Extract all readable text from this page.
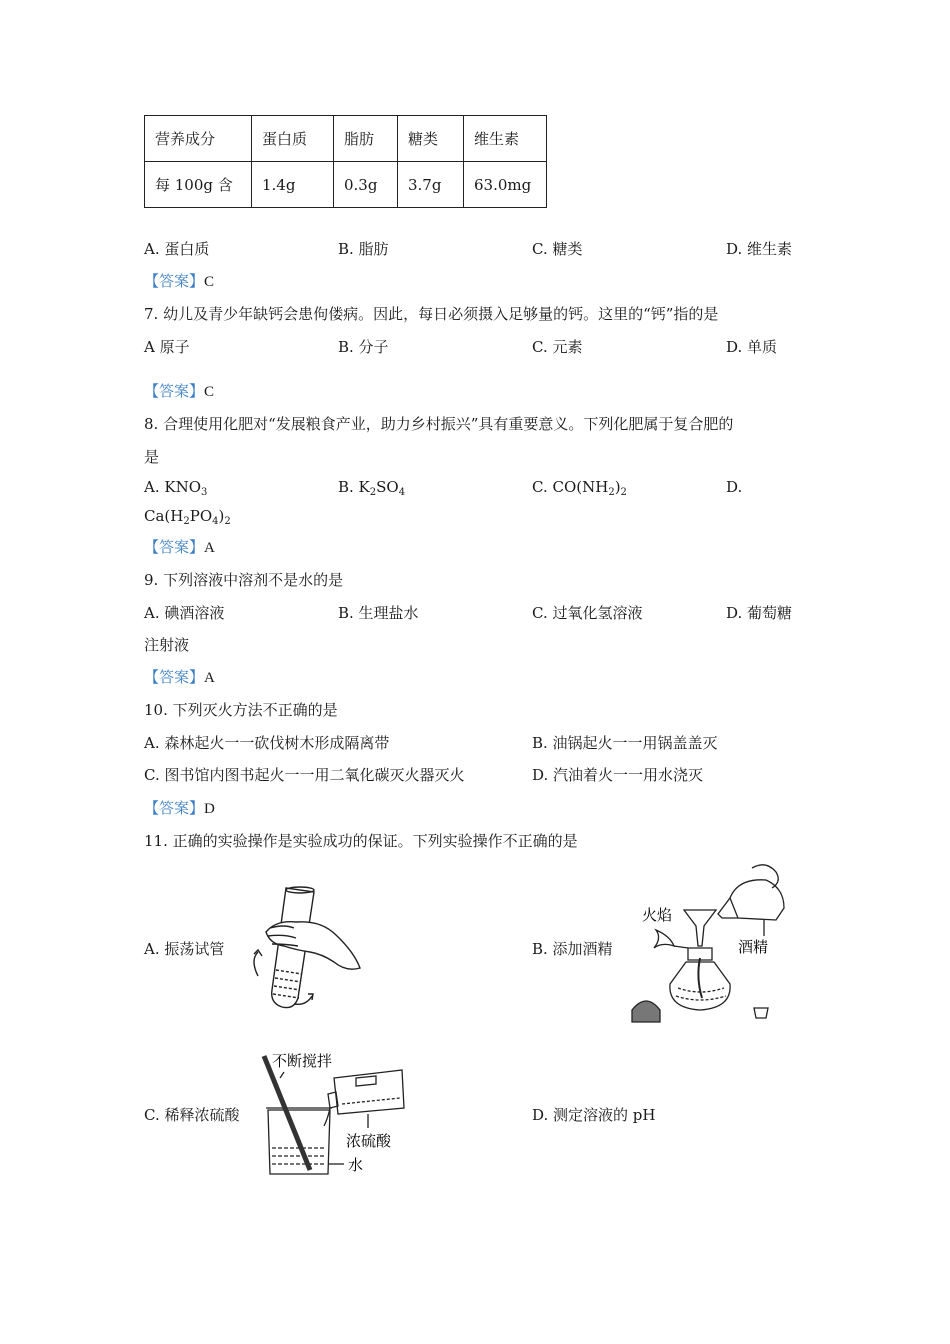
营养成分	蛋白质	脂肪	糖类	维生素
每 100g 含	1.4g	0.3g	3.7g	63.0mg
A. 蛋白质	B. 脂肪	C. 糖类	D. 维生素
【答案】C
7. 幼儿及青少年缺钙会患佝偻病。因此，每日必须摄入足够量的钙。这里的“钙”指的是
A 原子	B. 分子	C. 元素	D. 单质
【答案】C
8. 合理使用化肥对“发展粮食产业，助力乡村振兴”具有重要意义。下列化肥属于复合肥的
是
A. $KNO_3$	B. $K_2SO_4$	C. $CO(NH_2)_2$	D.
$Ca(H_2PO_4)_2$
【答案】A
9. 下列溶液中溶剂不是水的是
A. 碘酒溶液	B. 生理盐水	C. 过氧化氢溶液	D. 葡萄糖
注射液
【答案】A
10. 下列灭火方法不正确的是
A. 森林起火一一砍伐树木形成隔离带	B. 油锅起火一一用锅盖盖灭
C. 图书馆内图书起火一一用二氧化碳灭火器灭火	D. 汽油着火一一用水浇灭
【答案】D
11. 正确的实验操作是实验成功的保证。下列实验操作不正确的是
A. 振荡试管	B. 添加酒精
C. 稀释浓硫酸	D. 测定溶液的 pH
火焰
酒精
不断搅拌
浓硫酸
水
